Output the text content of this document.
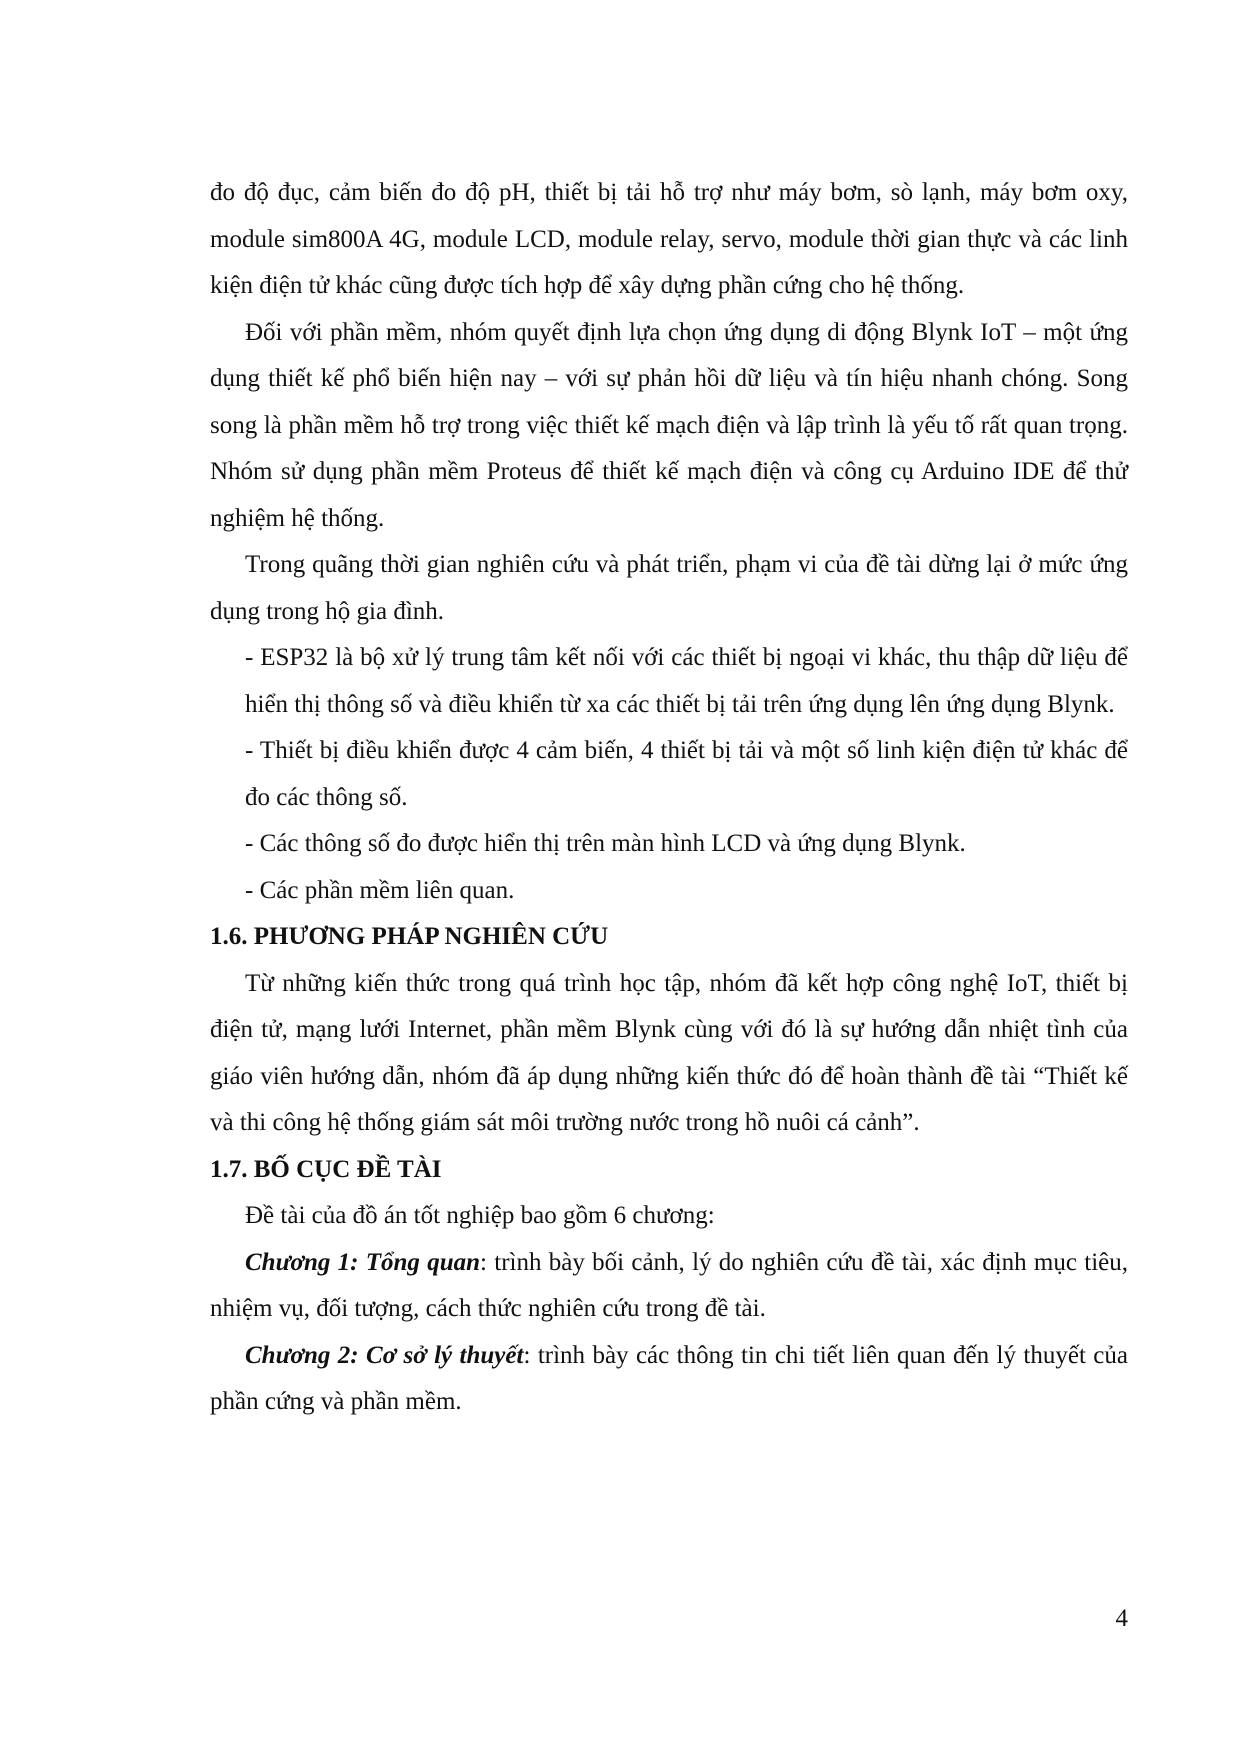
đo độ đục, cảm biến đo độ pH, thiết bị tải hỗ trợ như máy bơm, sò lạnh, máy bơm oxy, module sim800A 4G, module LCD, module relay, servo, module thời gian thực và các linh kiện điện tử khác cũng được tích hợp để xây dựng phần cứng cho hệ thống.

Đối với phần mềm, nhóm quyết định lựa chọn ứng dụng di động Blynk IoT – một ứng dụng thiết kế phổ biến hiện nay – với sự phản hồi dữ liệu và tín hiệu nhanh chóng. Song song là phần mềm hỗ trợ trong việc thiết kế mạch điện và lập trình là yếu tố rất quan trọng. Nhóm sử dụng phần mềm Proteus để thiết kế mạch điện và công cụ Arduino IDE để thử nghiệm hệ thống.

Trong quãng thời gian nghiên cứu và phát triển, phạm vi của đề tài dừng lại ở mức ứng dụng trong hộ gia đình.

- ESP32 là bộ xử lý trung tâm kết nối với các thiết bị ngoại vi khác, thu thập dữ liệu để hiển thị thông số và điều khiển từ xa các thiết bị tải trên ứng dụng lên ứng dụng Blynk.

- Thiết bị điều khiển được 4 cảm biến, 4 thiết bị tải và một số linh kiện điện tử khác để đo các thông số.

- Các thông số đo được hiển thị trên màn hình LCD và ứng dụng Blynk.

- Các phần mềm liên quan.

1.6. PHƯƠNG PHÁP NGHIÊN CỨU

Từ những kiến thức trong quá trình học tập, nhóm đã kết hợp công nghệ IoT, thiết bị điện tử, mạng lưới Internet, phần mềm Blynk cùng với đó là sự hướng dẫn nhiệt tình của giáo viên hướng dẫn, nhóm đã áp dụng những kiến thức đó để hoàn thành đề tài “Thiết kế và thi công hệ thống giám sát môi trường nước trong hồ nuôi cá cảnh”.

1.7. BỐ CỤC ĐỀ TÀI

Đề tài của đồ án tốt nghiệp bao gồm 6 chương:

Chương 1: Tổng quan: trình bày bối cảnh, lý do nghiên cứu đề tài, xác định mục tiêu, nhiệm vụ, đối tượng, cách thức nghiên cứu trong đề tài.

Chương 2: Cơ sở lý thuyết: trình bày các thông tin chi tiết liên quan đến lý thuyết của phần cứng và phần mềm.

4
